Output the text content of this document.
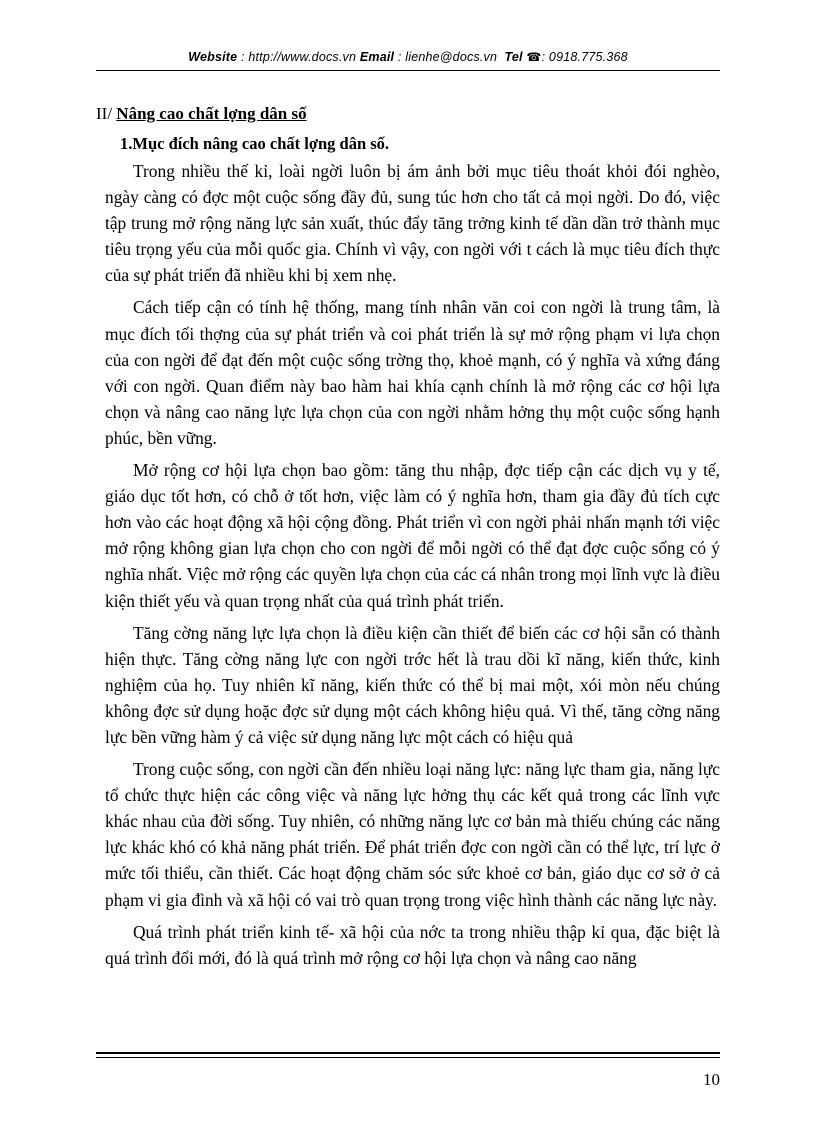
Website : http://www.docs.vn Email : lienhe@docs.vn Tel ☎: 0918.775.368
II/ Nâng cao chất lợng dân số
1.Mục đích nâng cao chất lợng dân số.

Trong nhiều thế kỉ, loài ngời luôn bị ám ảnh bởi mục tiêu thoát khỏi đói nghèo, ngày càng có đợc một cuộc sống đầy đủ, sung túc hơn cho tất cả mọi ngời. Do đó, việc tập trung mở rộng năng lực sản xuất, thúc đẩy tăng trởng kinh tế dần dần trở thành mục tiêu trọng yếu của mỗi quốc gia. Chính vì vậy, con ngời với t cách là mục tiêu đích thực của sự phát triển đã nhiều khi bị xem nhẹ.

Cách tiếp cận có tính hệ thống, mang tính nhân văn coi con ngời là trung tâm, là mục đích tối thợng của sự phát triển và coi phát triển là sự mở rộng phạm vi lựa chọn của con ngời để đạt đến một cuộc sống trờng thọ, khoẻ mạnh, có ý nghĩa và xứng đáng với con ngời. Quan điểm này bao hàm hai khía cạnh chính là mở rộng các cơ hội lựa chọn và nâng cao năng lực lựa chọn của con ngời nhằm hởng thụ một cuộc sống hạnh phúc, bền vững.

Mở rộng cơ hội lựa chọn bao gồm: tăng thu nhập, đợc tiếp cận các dịch vụ y tế, giáo dục tốt hơn, có chỗ ở tốt hơn, việc làm có ý nghĩa hơn, tham gia đầy đủ tích cực hơn vào các hoạt động xã hội cộng đồng. Phát triển vì con ngời phải nhấn mạnh tới việc mở rộng không gian lựa chọn cho con ngời để mỗi ngời có thể đạt đợc cuộc sống có ý nghĩa nhất. Việc mở rộng các quyền lựa chọn của các cá nhân trong mọi lĩnh vực là điều kiện thiết yếu và quan trọng nhất của quá trình phát triển.

Tăng cờng năng lực lựa chọn là điều kiện cần thiết để biến các cơ hội sẵn có thành hiện thực. Tăng cờng năng lực con ngời trớc hết là trau dồi kĩ năng, kiến thức, kinh nghiệm của họ. Tuy nhiên kĩ năng, kiến thức có thể bị mai một, xói mòn nếu chúng không đợc sử dụng hoặc đợc sử dụng một cách không hiệu quả. Vì thế, tăng cờng năng lực bền vững hàm ý cả việc sử dụng năng lực một cách có hiệu quả

Trong cuộc sống, con ngời cần đến nhiều loại năng lực: năng lực tham gia, năng lực tổ chức thực hiện các công việc và năng lực hởng thụ các kết quả trong các lĩnh vực khác nhau của đời sống. Tuy nhiên, có những năng lực cơ bản mà thiếu chúng các năng lực khác khó có khả năng phát triển. Để phát triển đợc con ngời cần có thể lực, trí lực ở mức tối thiểu, cần thiết. Các hoạt động chăm sóc sức khoẻ cơ bản, giáo dục cơ sở ở cả phạm vi gia đình và xã hội có vai trò quan trọng trong việc hình thành các năng lực này.

Quá trình phát triển kinh tế- xã hội của nớc ta trong nhiều thập kỉ qua, đặc biệt là quá trình đổi mới, đó là quá trình mở rộng cơ hội lựa chọn và nâng cao năng

10
